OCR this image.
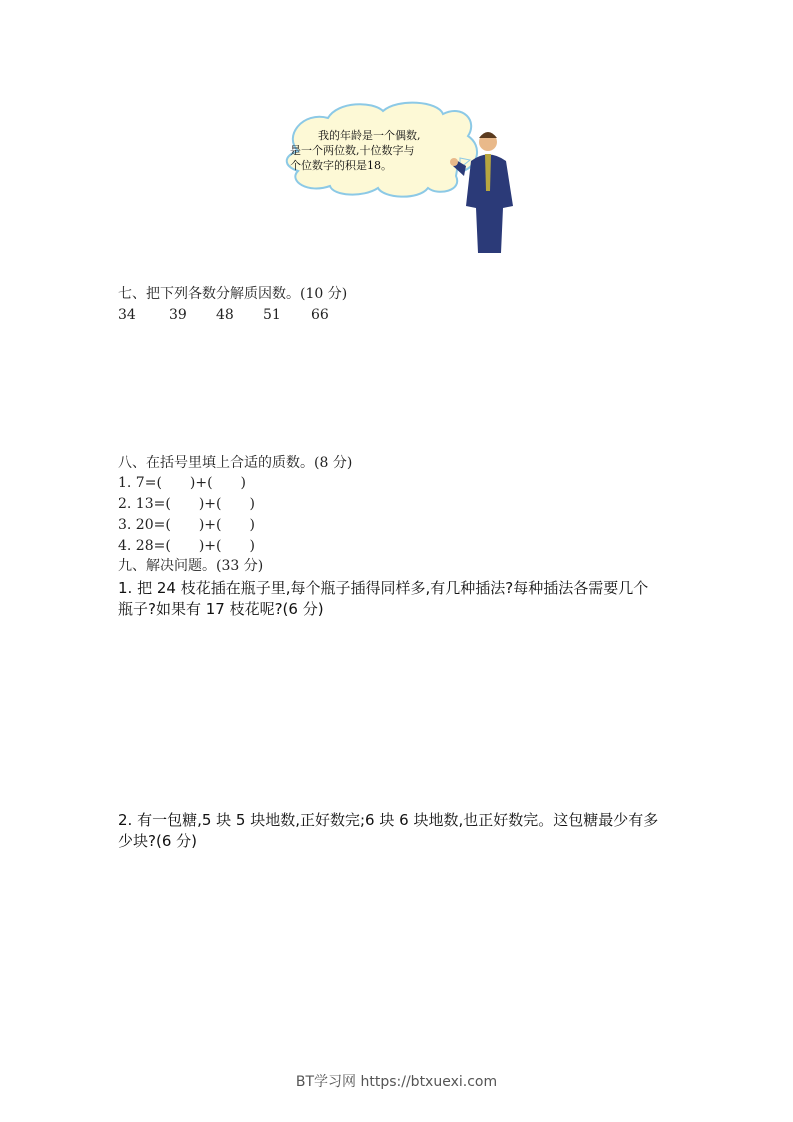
我的年龄是一个偶数,
是一个两位数,十位数字与
个位数字的积是18。
七、把下列各数分解质因数。(10 分)
34 39 48 51 66
八、在括号里填上合适的质数。(8 分)
1. 7=(　　)+(　　)
2. 13=(　　)+(　　)
3. 20=(　　)+(　　)
4. 28=(　　)+(　　)
九、解决问题。(33 分)
1. 把 24 枝花插在瓶子里,每个瓶子插得同样多,有几种插法?每种插法各需要几个
瓶子?如果有 17 枝花呢?(6 分)
2. 有一包糖,5 块 5 块地数,正好数完;6 块 6 块地数,也正好数完。这包糖最少有多
少块?(6 分)
BT学习网 https://btxuexi.com
